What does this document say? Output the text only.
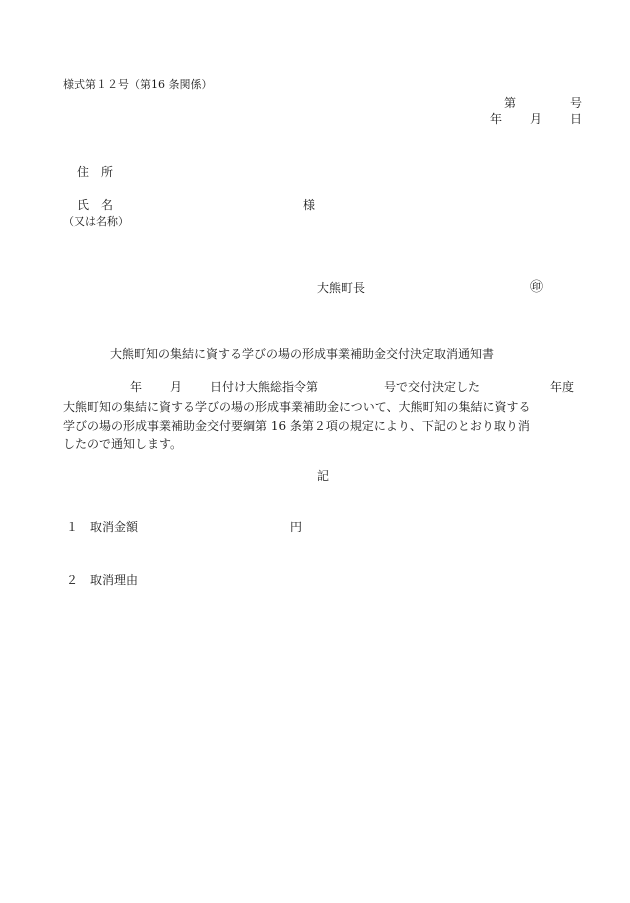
様式第１２号（第16 条関係）
第	号
年 月 日
住　所
氏　名	様
（又は名称）
大熊町長	㊞
大熊町知の集結に資する学びの場の形成事業補助金交付決定取消通知書
年 月 日付け大熊総指令第	号で交付決定した	年度
大熊町知の集結に資する学びの場の形成事業補助金について、大熊町知の集結に資する
学びの場の形成事業補助金交付要綱第 16 条第２項の規定により、下記のとおり取り消
したので通知します。
記
１ 取消金額	円
２ 取消理由
